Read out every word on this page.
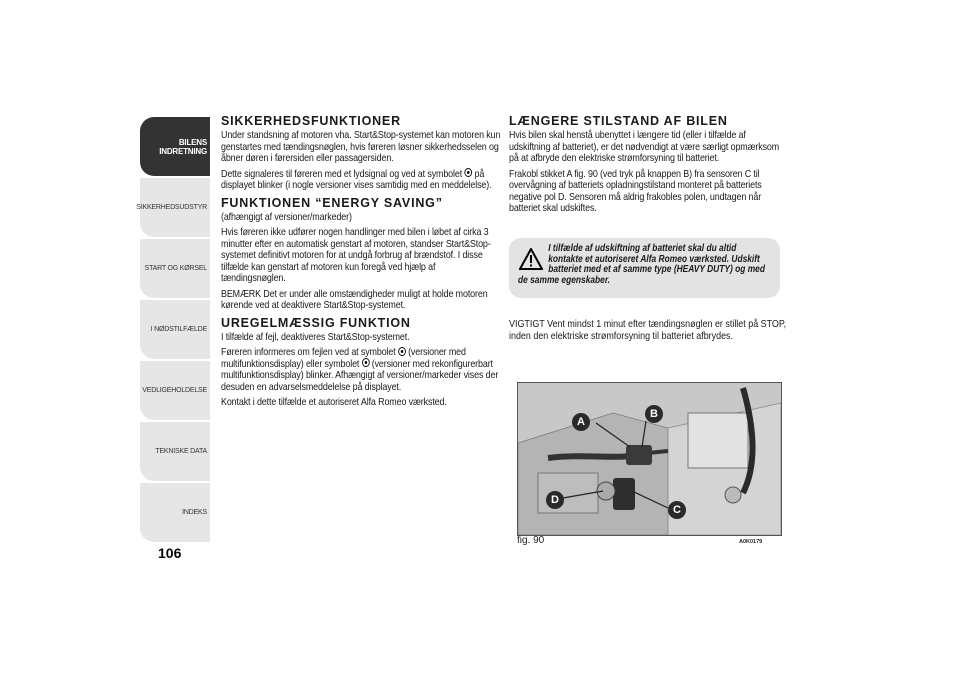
BILENS
INDRETNING
SIKKERHEDSUDSTYR
START OG KØRSEL
I NØDSTILFÆLDE
VEDLIGEHOLDELSE
TEKNISKE DATA
INDEKS
106
SIKKERHEDSFUNKTIONER

Under standsning af motoren vha. Start&Stop-systemet kan motoren kun genstartes med tændingsnøglen, hvis føreren løsner sikkerhedsselen og åbner døren i førersiden eller passagersiden.

Dette signaleres til føreren med et lydsignal og ved at symbolet på displayet blinker (i nogle versioner vises samtidig med en meddelelse).

FUNKTIONEN “ENERGY SAVING”

(afhængigt af versioner/markeder)

Hvis føreren ikke udfører nogen handlinger med bilen i løbet af cirka 3 minutter efter en automatisk genstart af motoren, standser Start&Stop-systemet definitivt motoren for at undgå forbrug af brændstof. I disse tilfælde kan genstart af motoren kun foregå ved hjælp af tændingsnøglen.

BEMÆRK Det er under alle omstændigheder muligt at holde motoren kørende ved at deaktivere Start&Stop-systemet.

UREGELMÆSSIG FUNKTION

I tilfælde af fejl, deaktiveres Start&Stop-systemet.

Føreren informeres om fejlen ved at symbolet (versioner med multifunktionsdisplay) eller symbolet (versioner med rekonfigurerbart multifunktionsdisplay) blinker. Afhængigt af versioner/markeder vises der desuden en advarselsmeddelelse på displayet.

Kontakt i dette tilfælde et autoriseret Alfa Romeo værksted.

LÆNGERE STILSTAND AF BILEN

Hvis bilen skal henstå ubenyttet i længere tid (eller i tilfælde af udskiftning af batteriet), er det nødvendigt at være særligt opmærksom på at afbryde den elektriske strømforsyning til batteriet.

Frakobl stikket A fig. 90 (ved tryk på knappen B) fra sensoren C til overvågning af batteriets opladningstilstand monteret på batteriets negative pol D. Sensoren må aldrig frakobles polen, undtagen når batteriet skal udskiftes.

I tilfælde af udskiftning af batteriet skal du altid
kontakte et autoriseret Alfa Romeo værksted. Udskift
batteriet med et af samme type (HEAVY DUTY) og med
de samme egenskaber.
VIGTIGT Vent mindst 1 minut efter tændingsnøglen er stillet på STOP, inden den elektriske strømforsyning til batteriet afbrydes.
A
B
C
D
fig. 90	A0K0179
